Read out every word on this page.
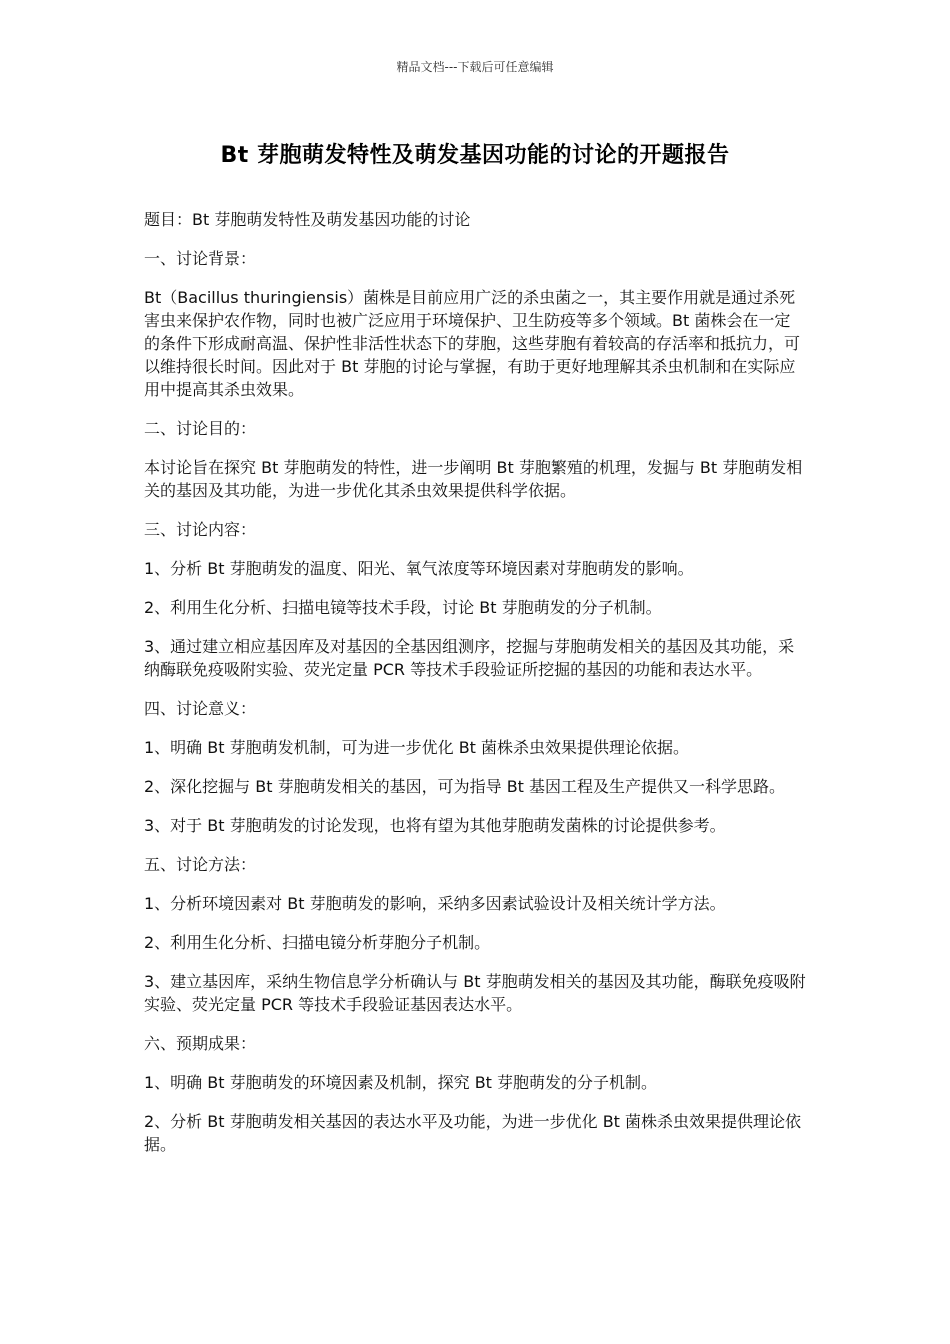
精品文档---下载后可任意编辑
Bt 芽胞萌发特性及萌发基因功能的讨论的开题报告

题目：Bt 芽胞萌发特性及萌发基因功能的讨论

一、讨论背景：

Bt（Bacillus thuringiensis）菌株是目前应用广泛的杀虫菌之一，其主要作用就是通过杀死害虫来保护农作物，同时也被广泛应用于环境保护、卫生防疫等多个领域。Bt 菌株会在一定的条件下形成耐高温、保护性非活性状态下的芽胞，这些芽胞有着较高的存活率和抵抗力，可以维持很长时间。因此对于 Bt 芽胞的讨论与掌握，有助于更好地理解其杀虫机制和在实际应用中提高其杀虫效果。

二、讨论目的：

本讨论旨在探究 Bt 芽胞萌发的特性，进一步阐明 Bt 芽胞繁殖的机理，发掘与 Bt 芽胞萌发相关的基因及其功能，为进一步优化其杀虫效果提供科学依据。

三、讨论内容：

1、分析 Bt 芽胞萌发的温度、阳光、氧气浓度等环境因素对芽胞萌发的影响。

2、利用生化分析、扫描电镜等技术手段，讨论 Bt 芽胞萌发的分子机制。

3、通过建立相应基因库及对基因的全基因组测序，挖掘与芽胞萌发相关的基因及其功能，采纳酶联免疫吸附实验、荧光定量 PCR 等技术手段验证所挖掘的基因的功能和表达水平。

四、讨论意义：

1、明确 Bt 芽胞萌发机制，可为进一步优化 Bt 菌株杀虫效果提供理论依据。

2、深化挖掘与 Bt 芽胞萌发相关的基因，可为指导 Bt 基因工程及生产提供又一科学思路。

3、对于 Bt 芽胞萌发的讨论发现，也将有望为其他芽胞萌发菌株的讨论提供参考。

五、讨论方法：

1、分析环境因素对 Bt 芽胞萌发的影响，采纳多因素试验设计及相关统计学方法。

2、利用生化分析、扫描电镜分析芽胞分子机制。

3、建立基因库，采纳生物信息学分析确认与 Bt 芽胞萌发相关的基因及其功能，酶联免疫吸附实验、荧光定量 PCR 等技术手段验证基因表达水平。

六、预期成果：

1、明确 Bt 芽胞萌发的环境因素及机制，探究 Bt 芽胞萌发的分子机制。

2、分析 Bt 芽胞萌发相关基因的表达水平及功能，为进一步优化 Bt 菌株杀虫效果提供理论依据。
